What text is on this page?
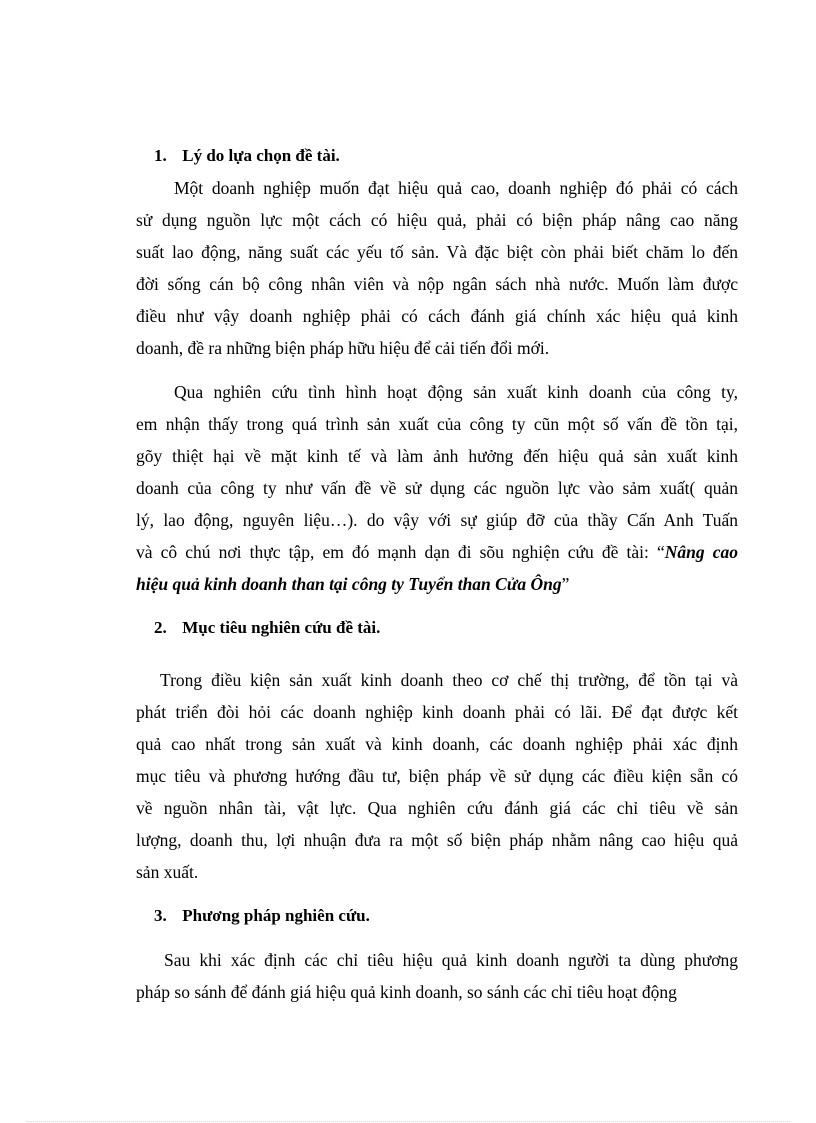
1. Lý do lựa chọn đề tài.
Một doanh nghiệp muốn đạt hiệu quả cao, doanh nghiệp đó phải có cách
sử dụng nguồn lực một cách có hiệu quả, phải có biện pháp nâng cao năng
suất lao động, năng suất các yếu tố sản. Và đặc biệt còn phải biết chăm lo đến
đời sống cán bộ công nhân viên và nộp ngân sách nhà nước. Muốn làm được
điều như vậy doanh nghiệp phải có cách đánh giá chính xác hiệu quả kinh
doanh, đề ra những biện pháp hữu hiệu để cải tiến đổi mới.
Qua nghiên cứu tình hình hoạt động sản xuất kinh doanh của công ty,
em nhận thấy trong quá trình sản xuất của công ty cũn một số vấn đề tồn tại,
gõy thiệt hại về mặt kinh tế và làm ảnh hưởng đến hiệu quả sản xuất kinh
doanh của công ty như vấn đề về sử dụng các nguồn lực vào sảm xuất( quản
lý, lao động, nguyên liệu…). do vậy với sự giúp đỡ của thầy Cấn Anh Tuấn
và cô chú nơi thực tập, em đó mạnh dạn đi sõu nghiện cứu đề tài: “Nâng cao
hiệu quả kinh doanh than tại công ty Tuyển than Cửa Ông”
2. Mục tiêu nghiên cứu đề tài.
Trong điều kiện sản xuất kinh doanh theo cơ chế thị trường, để tồn tại và
phát triển đòi hỏi các doanh nghiệp kinh doanh phải có lãi. Để đạt được kết
quả cao nhất trong sản xuất và kinh doanh, các doanh nghiệp phải xác định
mục tiêu và phương hướng đầu tư, biện pháp về sử dụng các điều kiện sẵn có
về nguồn nhân tài, vật lực. Qua nghiên cứu đánh giá các chỉ tiêu về sản
lượng, doanh thu, lợi nhuận đưa ra một số biện pháp nhằm nâng cao hiệu quả
sản xuất.
3. Phương pháp nghiên cứu.
Sau khi xác định các chỉ tiêu hiệu quả kinh doanh người ta dùng phương
pháp so sánh để đánh giá hiệu quả kinh doanh, so sánh các chỉ tiêu hoạt động
